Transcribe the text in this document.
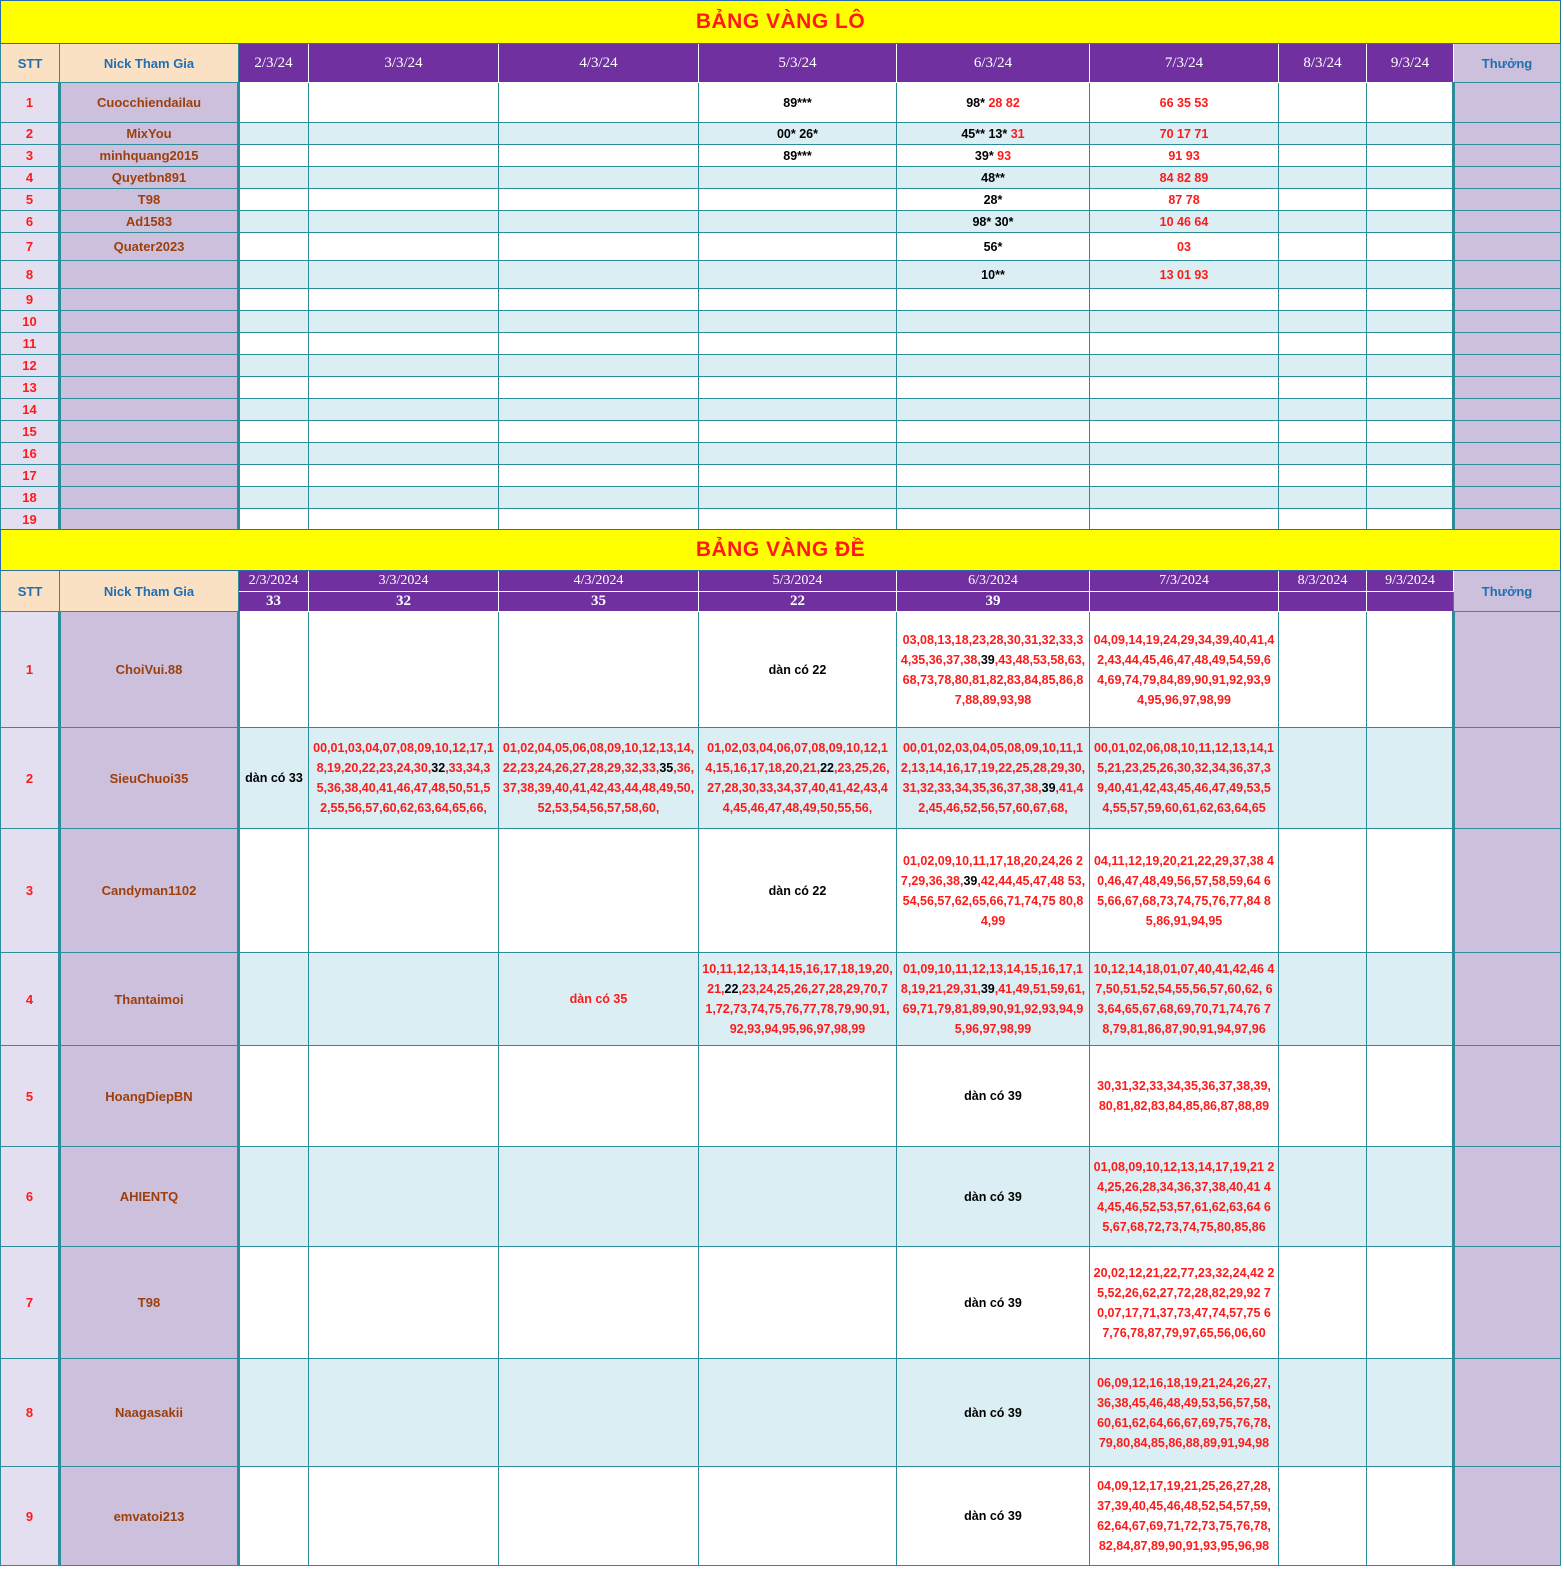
BẢNG VÀNG LÔ										
STT	Nick Tham Gia	2/3/24	3/3/24	4/3/24	5/3/24	6/3/24	7/3/24	8/3/24	9/3/24	Thưởng
1	Cuocchiendailau				89***	98* 28 82	66 35 53			
2	MixYou				00* 26*	45** 13* 31	70 17 71			
3	minhquang2015				89***	39* 93	91 93			
4	Quyetbn891					48**	84 82 89			
5	T98					28*	87 78			
6	Ad1583					98* 30*	10 46 64			
7	Quater2023					56*	03			
8						10**	13 01 93			
9										
10										
11										
12										
13										
14										
15										
16										
17										
18										
19										
BẢNG VÀNG ĐỀ										
STT	Nick Tham Gia	2/3/2024	3/3/2024	4/3/2024	5/3/2024	6/3/2024	7/3/2024	8/3/2024	9/3/2024	Thưởng
		33	32	35	22	39				
1	ChoiVui.88				dàn có 22	03,08,13,18,23,28,30,31,32,33,34,35,36,37,38,39,43,48,53,58,63,68,73,78,80,81,82,83,84,85,86,87,88,89,93,98	04,09,14,19,24,29,34,39,40,41,42,43,44,45,46,47,48,49,54,59,64,69,74,79,84,89,90,91,92,93,94,95,96,97,98,99			
2	SieuChuoi35	dàn có 33	00,01,03,04,07,08,09,10,12,17,18,19,20,22,23,24,30,32,33,34,35,36,38,40,41,46,47,48,50,51,52,55,56,57,60,62,63,64,65,66,	01,02,04,05,06,08,09,10,12,13,14,22,23,24,26,27,28,29,32,33,35,36,37,38,39,40,41,42,43,44,48,49,50,52,53,54,56,57,58,60,	01,02,03,04,06,07,08,09,10,12,14,15,16,17,18,20,21,22,23,25,26,27,28,30,33,34,37,40,41,42,43,44,45,46,47,48,49,50,55,56,	00,01,02,03,04,05,08,09,10,11,12,13,14,16,17,19,22,25,28,29,30,31,32,33,34,35,36,37,38,39,41,42,45,46,52,56,57,60,67,68,	00,01,02,06,08,10,11,12,13,14,15,21,23,25,26,30,32,34,36,37,39,40,41,42,43,45,46,47,49,53,54,55,57,59,60,61,62,63,64,65			
3	Candyman1102				dàn có 22	01,02,09,10,11,17,18,20,24,26 27,29,36,38,39,42,44,45,47,48 53,54,56,57,62,65,66,71,74,75 80,84,99	04,11,12,19,20,21,22,29,37,38 40,46,47,48,49,56,57,58,59,64 65,66,67,68,73,74,75,76,77,84 85,86,91,94,95			
4	Thantaimoi			dàn có 35	10,11,12,13,14,15,16,17,18,19,20,21,22,23,24,25,26,27,28,29,70,71,72,73,74,75,76,77,78,79,90,91,92,93,94,95,96,97,98,99	01,09,10,11,12,13,14,15,16,17,18,19,21,29,31,39,41,49,51,59,61,69,71,79,81,89,90,91,92,93,94,95,96,97,98,99	10,12,14,18,01,07,40,41,42,46 47,50,51,52,54,55,56,57,60,62, 63,64,65,67,68,69,70,71,74,76 78,79,81,86,87,90,91,94,97,96			
5	HoangDiepBN					dàn có 39	30,31,32,33,34,35,36,37,38,39, 80,81,82,83,84,85,86,87,88,89			
6	AHIENTQ					dàn có 39	01,08,09,10,12,13,14,17,19,21 24,25,26,28,34,36,37,38,40,41 44,45,46,52,53,57,61,62,63,64 65,67,68,72,73,74,75,80,85,86			
7	T98					dàn có 39	20,02,12,21,22,77,23,32,24,42 25,52,26,62,27,72,28,82,29,92 70,07,17,71,37,73,47,74,57,75 67,76,78,87,79,97,65,56,06,60			
8	Naagasakii					dàn có 39	06,09,12,16,18,19,21,24,26,27, 36,38,45,46,48,49,53,56,57,58, 60,61,62,64,66,67,69,75,76,78, 79,80,84,85,86,88,89,91,94,98			
9	emvatoi213					dàn có 39	04,09,12,17,19,21,25,26,27,28, 37,39,40,45,46,48,52,54,57,59, 62,64,67,69,71,72,73,75,76,78, 82,84,87,89,90,91,93,95,96,98			
